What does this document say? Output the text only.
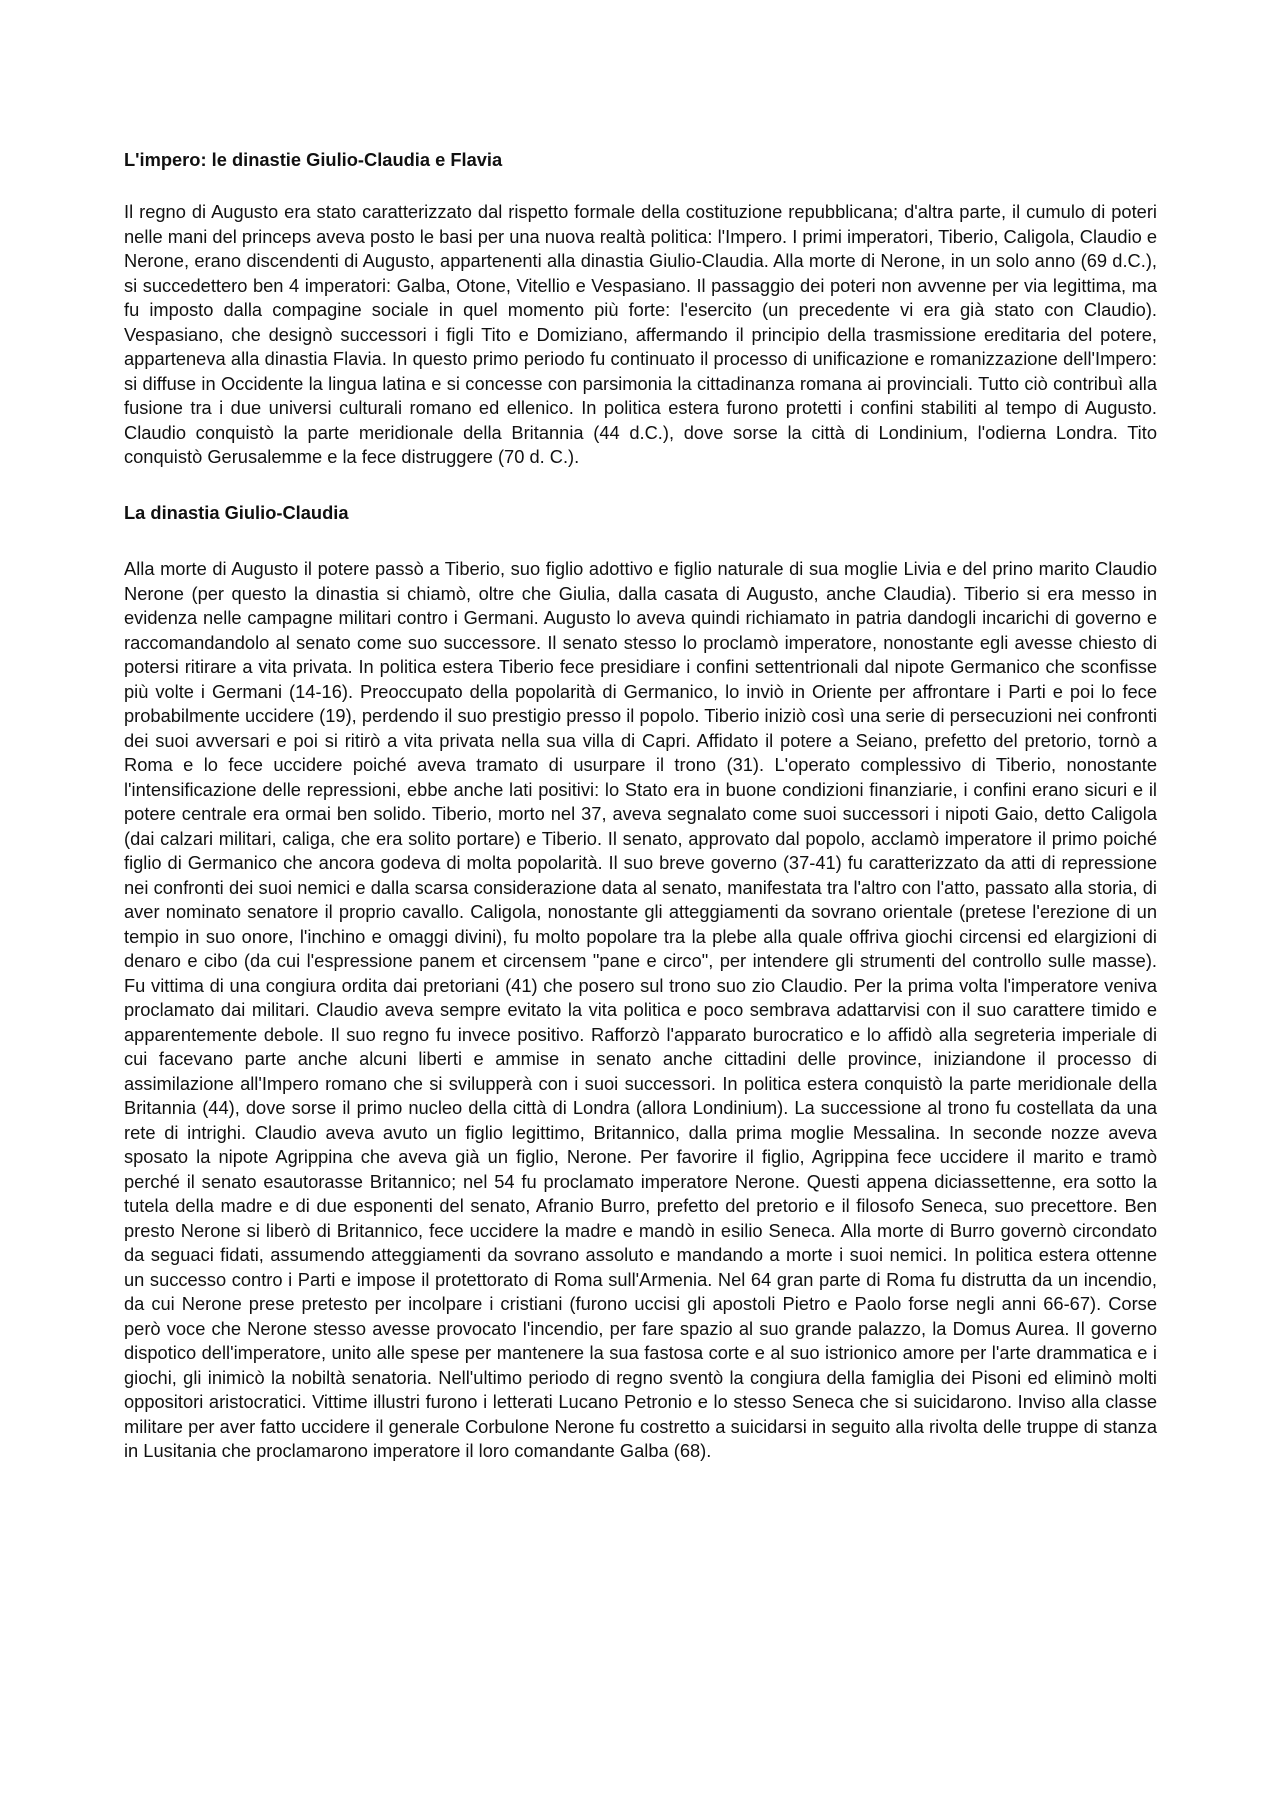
L'impero: le dinastie Giulio-Claudia e Flavia

Il regno di Augusto era stato caratterizzato dal rispetto formale della costituzione repubblicana; d'altra parte, il cumulo di poteri nelle mani del princeps aveva posto le basi per una nuova realtà politica: l'Impero. I primi imperatori, Tiberio, Caligola, Claudio e Nerone, erano discendenti di Augusto, appartenenti alla dinastia Giulio-Claudia. Alla morte di Nerone, in un solo anno (69 d.C.), si succedettero ben 4 imperatori: Galba, Otone, Vitellio e Vespasiano. Il passaggio dei poteri non avvenne per via legittima, ma fu imposto dalla compagine sociale in quel momento più forte: l'esercito (un precedente vi era già stato con Claudio). Vespasiano, che designò successori i figli Tito e Domiziano, affermando il principio della trasmissione ereditaria del potere, apparteneva alla dinastia Flavia. In questo primo periodo fu continuato il processo di unificazione e romanizzazione dell'Impero: si diffuse in Occidente la lingua latina e si concesse con parsimonia la cittadinanza romana ai provinciali. Tutto ciò contribuì alla fusione tra i due universi culturali romano ed ellenico. In politica estera furono protetti i confini stabiliti al tempo di Augusto. Claudio conquistò la parte meridionale della Britannia (44 d.C.), dove sorse la città di Londinium, l'odierna Londra. Tito conquistò Gerusalemme e la fece distruggere (70 d. C.).

La dinastia Giulio-Claudia

Alla morte di Augusto il potere passò a Tiberio, suo figlio adottivo e figlio naturale di sua moglie Livia e del prino marito Claudio Nerone (per questo la dinastia si chiamò, oltre che Giulia, dalla casata di Augusto, anche Claudia). Tiberio si era messo in evidenza nelle campagne militari contro i Germani. Augusto lo aveva quindi richiamato in patria dandogli incarichi di governo e raccomandandolo al senato come suo successore. Il senato stesso lo proclamò imperatore, nonostante egli avesse chiesto di potersi ritirare a vita privata. In politica estera Tiberio fece presidiare i confini settentrionali dal nipote Germanico che sconfisse più volte i Germani (14-16). Preoccupato della popolarità di Germanico, lo inviò in Oriente per affrontare i Parti e poi lo fece probabilmente uccidere (19), perdendo il suo prestigio presso il popolo. Tiberio iniziò così una serie di persecuzioni nei confronti dei suoi avversari e poi si ritirò a vita privata nella sua villa di Capri. Affidato il potere a Seiano, prefetto del pretorio, tornò a Roma e lo fece uccidere poiché aveva tramato di usurpare il trono (31). L'operato complessivo di Tiberio, nonostante l'intensificazione delle repressioni, ebbe anche lati positivi: lo Stato era in buone condizioni finanziarie, i confini erano sicuri e il potere centrale era ormai ben solido. Tiberio, morto nel 37, aveva segnalato come suoi successori i nipoti Gaio, detto Caligola (dai calzari militari, caliga, che era solito portare) e Tiberio. Il senato, approvato dal popolo, acclamò imperatore il primo poiché figlio di Germanico che ancora godeva di molta popolarità. Il suo breve governo (37-41) fu caratterizzato da atti di repressione nei confronti dei suoi nemici e dalla scarsa considerazione data al senato, manifestata tra l'altro con l'atto, passato alla storia, di aver nominato senatore il proprio cavallo. Caligola, nonostante gli atteggiamenti da sovrano orientale (pretese l'erezione di un tempio in suo onore, l'inchino e omaggi divini), fu molto popolare tra la plebe alla quale offriva giochi circensi ed elargizioni di denaro e cibo (da cui l'espressione panem et circensem "pane e circo", per intendere gli strumenti del controllo sulle masse). Fu vittima di una congiura ordita dai pretoriani (41) che posero sul trono suo zio Claudio. Per la prima volta l'imperatore veniva proclamato dai militari. Claudio aveva sempre evitato la vita politica e poco sembrava adattarvisi con il suo carattere timido e apparentemente debole. Il suo regno fu invece positivo. Rafforzò l'apparato burocratico e lo affidò alla segreteria imperiale di cui facevano parte anche alcuni liberti e ammise in senato anche cittadini delle province, iniziandone il processo di assimilazione all'Impero romano che si svilupperà con i suoi successori. In politica estera conquistò la parte meridionale della Britannia (44), dove sorse il primo nucleo della città di Londra (allora Londinium). La successione al trono fu costellata da una rete di intrighi. Claudio aveva avuto un figlio legittimo, Britannico, dalla prima moglie Messalina. In seconde nozze aveva sposato la nipote Agrippina che aveva già un figlio, Nerone. Per favorire il figlio, Agrippina fece uccidere il marito e tramò perché il senato esautorasse Britannico; nel 54 fu proclamato imperatore Nerone. Questi appena diciassettenne, era sotto la tutela della madre e di due esponenti del senato, Afranio Burro, prefetto del pretorio e il filosofo Seneca, suo precettore. Ben presto Nerone si liberò di Britannico, fece uccidere la madre e mandò in esilio Seneca. Alla morte di Burro governò circondato da seguaci fidati, assumendo atteggiamenti da sovrano assoluto e mandando a morte i suoi nemici. In politica estera ottenne un successo contro i Parti e impose il protettorato di Roma sull'Armenia. Nel 64 gran parte di Roma fu distrutta da un incendio, da cui Nerone prese pretesto per incolpare i cristiani (furono uccisi gli apostoli Pietro e Paolo forse negli anni 66-67). Corse però voce che Nerone stesso avesse provocato l'incendio, per fare spazio al suo grande palazzo, la Domus Aurea. Il governo dispotico dell'imperatore, unito alle spese per mantenere la sua fastosa corte e al suo istrionico amore per l'arte drammatica e i giochi, gli inimicò la nobiltà senatoria. Nell'ultimo periodo di regno sventò la congiura della famiglia dei Pisoni ed eliminò molti oppositori aristocratici. Vittime illustri furono i letterati Lucano Petronio e lo stesso Seneca che si suicidarono. Inviso alla classe militare per aver fatto uccidere il generale Corbulone Nerone fu costretto a suicidarsi in seguito alla rivolta delle truppe di stanza in Lusitania che proclamarono imperatore il loro comandante Galba (68).
